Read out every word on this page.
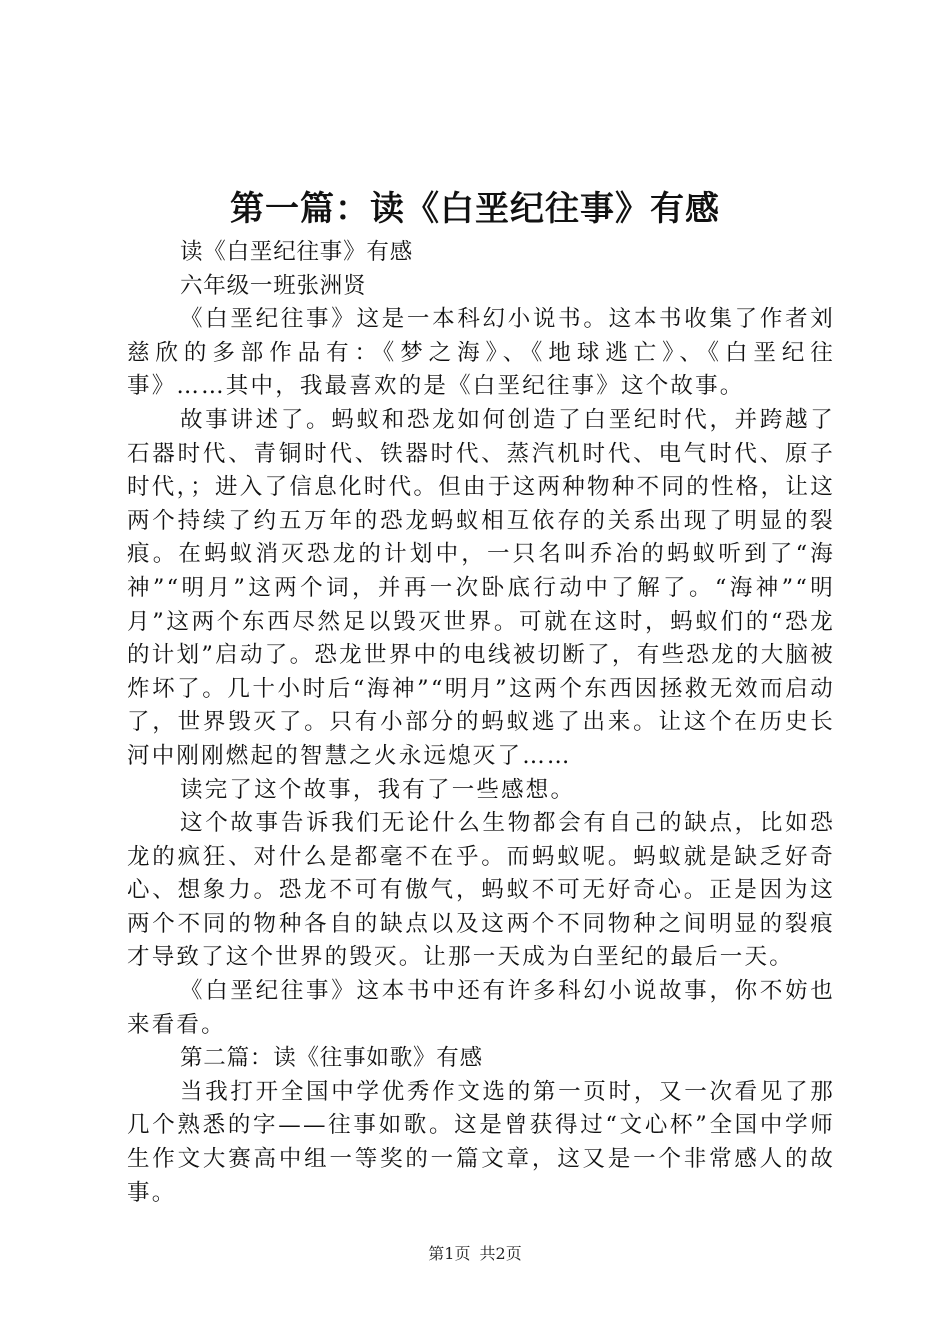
第一篇：读《白垩纪往事》有感

读《白垩纪往事》有感

六年级一班张洲贤

《白垩纪往事》这是一本科幻小说书。这本书收集了作者刘慈欣的多部作品有：《梦之海》、《地球逃亡》、《白垩纪往事》……其中，我最喜欢的是《白垩纪往事》这个故事。

故事讲述了。蚂蚁和恐龙如何创造了白垩纪时代，并跨越了石器时代、青铜时代、铁器时代、蒸汽机时代、电气时代、原子时代，；进入了信息化时代。但由于这两种物种不同的性格，让这两个持续了约五万年的恐龙蚂蚁相互依存的关系出现了明显的裂痕。在蚂蚁消灭恐龙的计划中，一只名叫乔冶的蚂蚁听到了“海神”“明月”这两个词，并再一次卧底行动中了解了。“海神”“明月”这两个东西尽然足以毁灭世界。可就在这时，蚂蚁们的“恐龙的计划”启动了。恐龙世界中的电线被切断了，有些恐龙的大脑被炸坏了。几十小时后“海神”“明月”这两个东西因拯救无效而启动了，世界毁灭了。只有小部分的蚂蚁逃了出来。让这个在历史长河中刚刚燃起的智慧之火永远熄灭了……

读完了这个故事，我有了一些感想。

这个故事告诉我们无论什么生物都会有自己的缺点，比如恐龙的疯狂、对什么是都毫不在乎。而蚂蚁呢。蚂蚁就是缺乏好奇心、想象力。恐龙不可有傲气，蚂蚁不可无好奇心。正是因为这两个不同的物种各自的缺点以及这两个不同物种之间明显的裂痕才导致了这个世界的毁灭。让那一天成为白垩纪的最后一天。

《白垩纪往事》这本书中还有许多科幻小说故事，你不妨也来看看。

第二篇：读《往事如歌》有感

当我打开全国中学优秀作文选的第一页时，又一次看见了那几个熟悉的字——往事如歌。这是曾获得过“文心杯”全国中学师生作文大赛高中组一等奖的一篇文章，这又是一个非常感人的故事。

第1页 共2页
